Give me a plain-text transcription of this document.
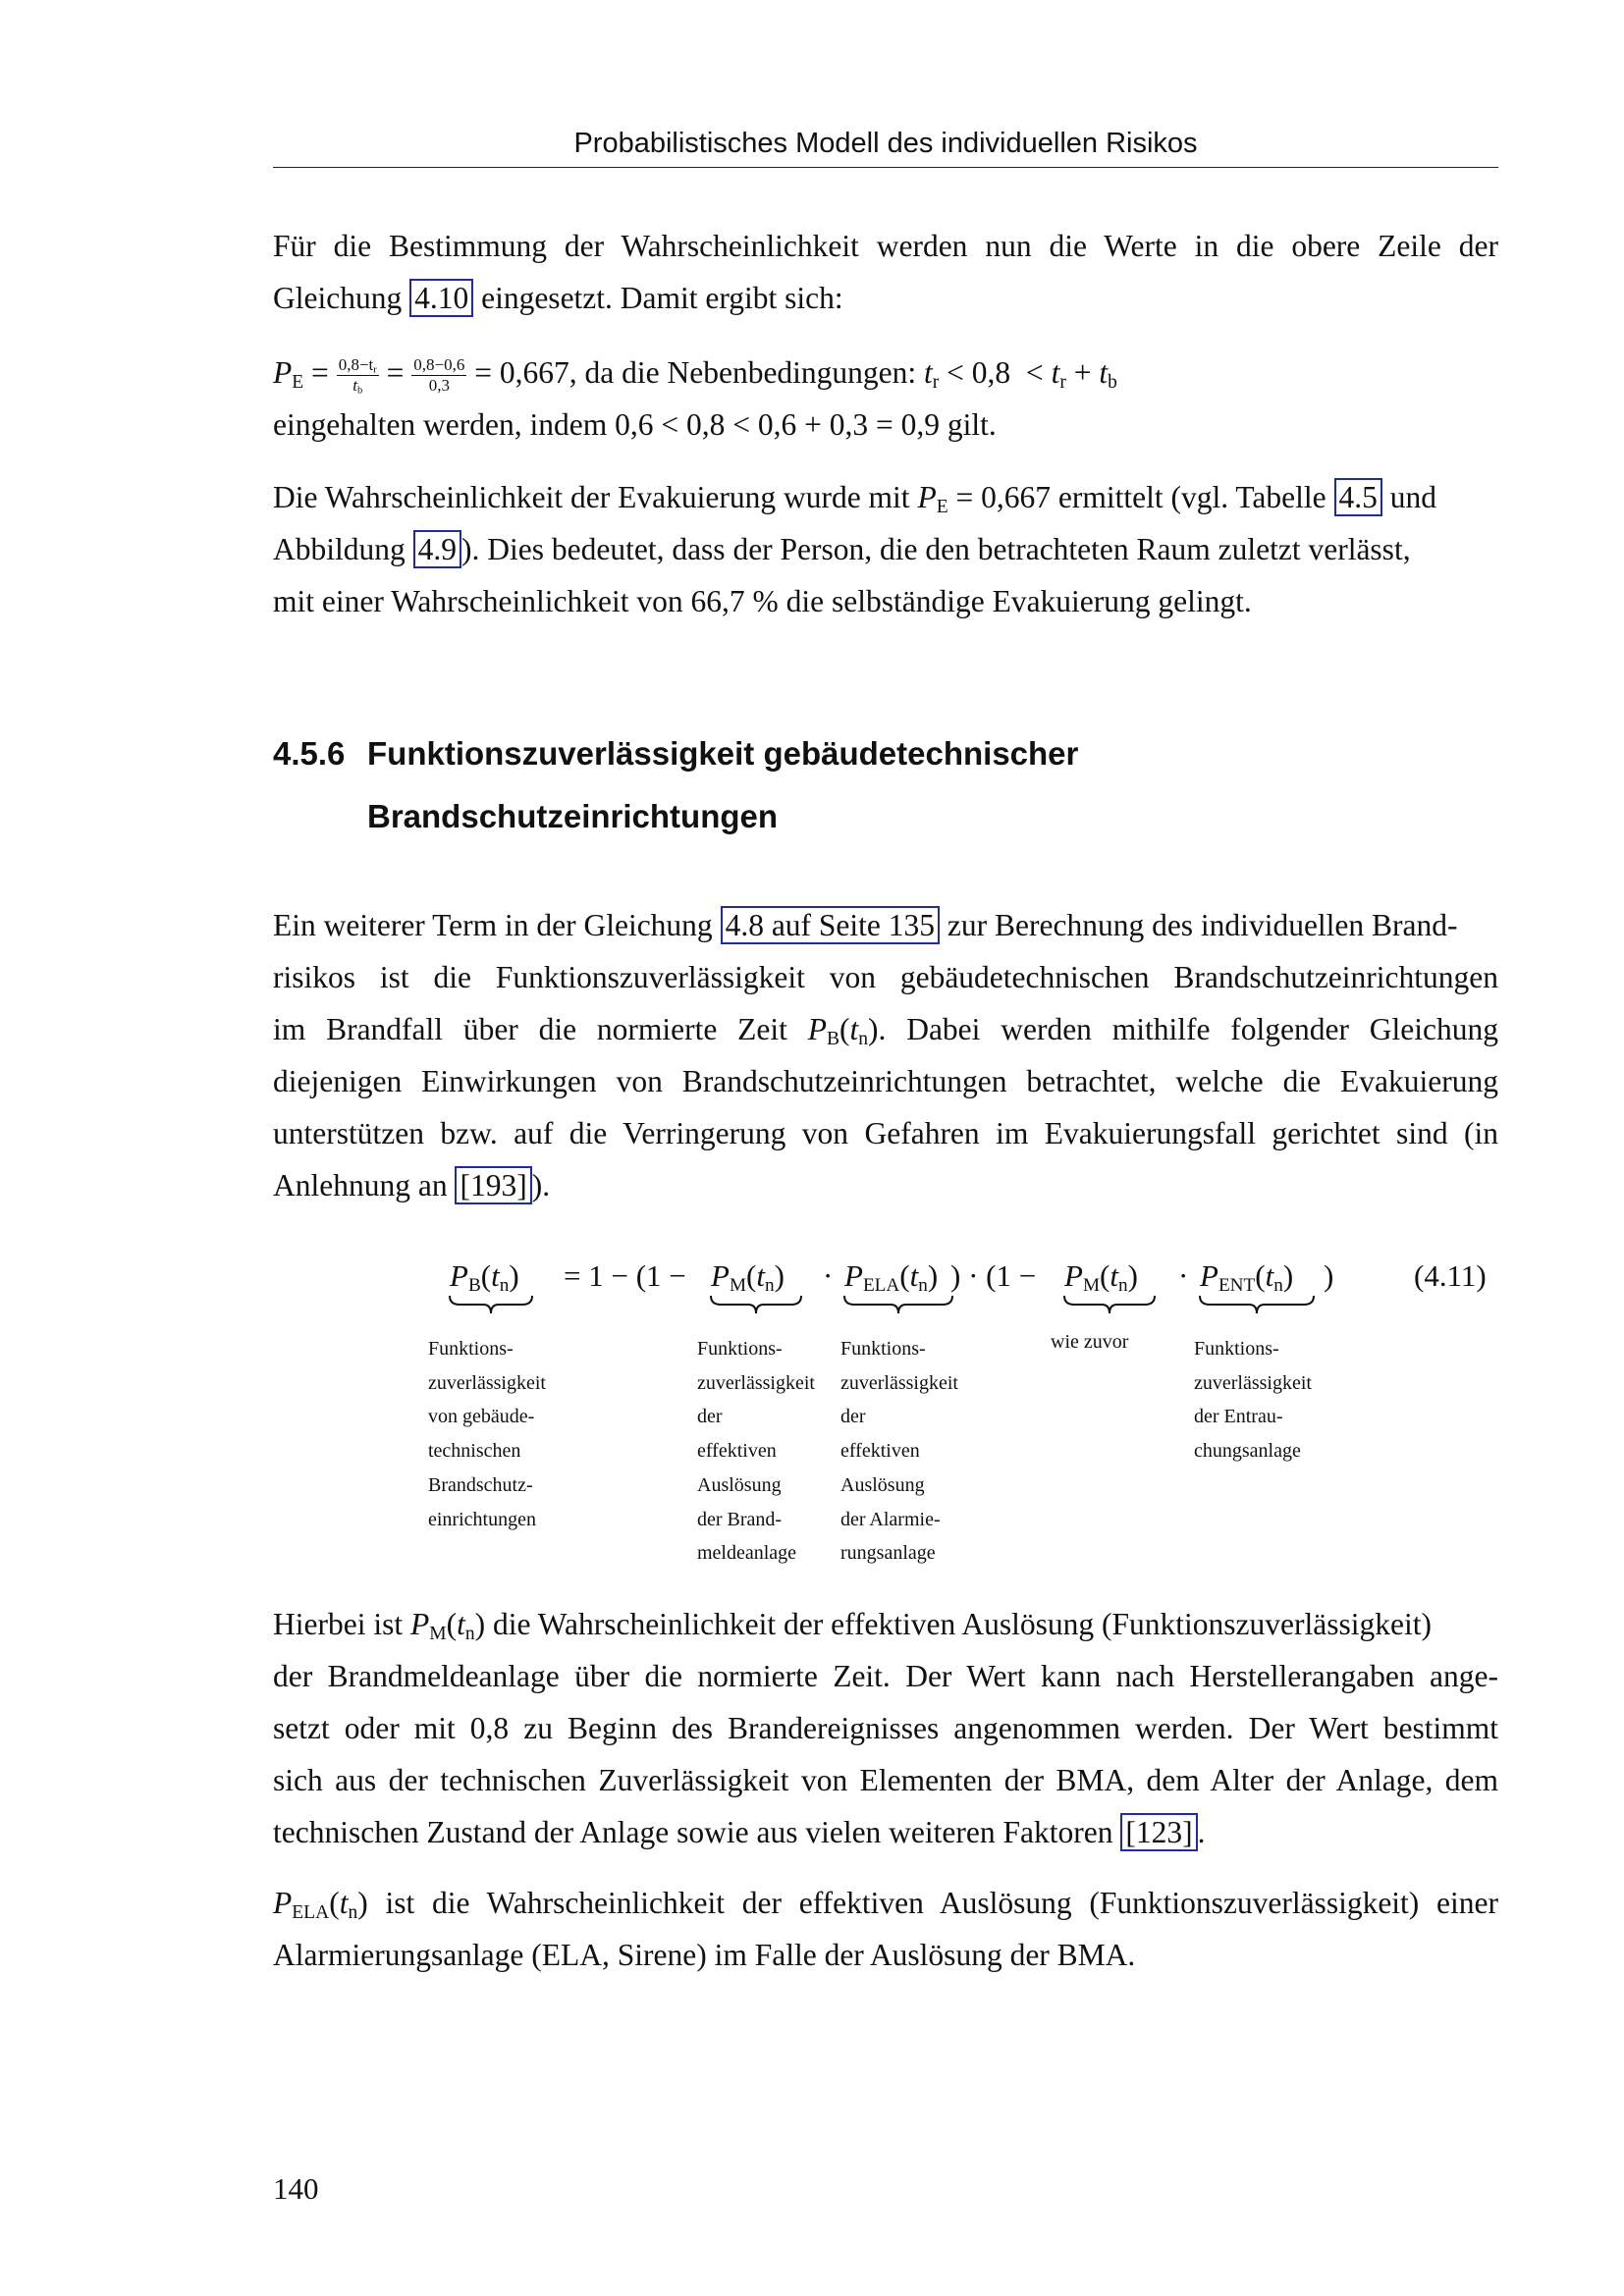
Probabilistisches Modell des individuellen Risikos
Für die Bestimmung der Wahrscheinlichkeit werden nun die Werte in die obere Zeile der
Gleichung 4.10 eingesetzt. Damit ergibt sich:
$P_E = \frac{0,8-t_r}{t_b} = \frac{0,8-0,6}{0,3} = 0,667$, da die Nebenbedingungen: $t_r < 0,8 < t_r + t_b$
eingehalten werden, indem 0,6 < 0,8 < 0,6 + 0,3 = 0,9 gilt.
Die Wahrscheinlichkeit der Evakuierung wurde mit $P_E = 0,667$ ermittelt (vgl. Tabelle 4.5 und
Abbildung 4.9 ). Dies bedeutet, dass der Person, die den betrachteten Raum zuletzt verlässt,
mit einer Wahrscheinlichkeit von 66,7 % die selbständige Evakuierung gelingt.
4.5.6 Funktionszuverlässigkeit gebäudetechnischer
Brandschutzeinrichtungen
Ein weiterer Term in der Gleichung 4.8 auf Seite 135 zur Berechnung des individuellen Brand-
risikos ist die Funktionszuverlässigkeit von gebäudetechnischen Brandschutzeinrichtungen
im Brandfall über die normierte Zeit $P_B(t_n)$. Dabei werden mithilfe folgender Gleichung
diejenigen Einwirkungen von Brandschutzeinrichtungen betrachtet, welche die Evakuierung
unterstützen bzw. auf die Verringerung von Gefahren im Evakuierungsfall gerichtet sind (in
Anlehnung an [193] ).
$P_B(t_n) = 1 - (1 - P_M(t_n) \cdot P_{ELA}(t_n)$ ) · ($1 - P_M(t_n) \cdot P_{ENT}(t_n)$ )	(4.11)
Funktions-
zuverlässigkeit
von gebäude-
technischen
Brandschutz-
einrichtungen
Funktions-
zuverlässigkeit
der
effektiven
Auslösung
der Brand-
meldeanlage
Funktions-
zuverlässigkeit
der
effektiven
Auslösung
der Alarmie-
rungsanlage
wie zuvor	Funktions-
zuverlässigkeit
der Entrau-
chungsanlage
Hierbei ist $P_M(t_n)$ die Wahrscheinlichkeit der effektiven Auslösung (Funktionszuverlässigkeit)
der Brandmeldeanlage über die normierte Zeit. Der Wert kann nach Herstellerangaben ange-
setzt oder mit 0,8 zu Beginn des Brandereignisses angenommen werden. Der Wert bestimmt
sich aus der technischen Zuverlässigkeit von Elementen der BMA, dem Alter der Anlage, dem
technischen Zustand der Anlage sowie aus vielen weiteren Faktoren [123] .
$P_{ELA}(t_n)$ ist die Wahrscheinlichkeit der effektiven Auslösung (Funktionszuverlässigkeit) einer
Alarmierungsanlage (ELA, Sirene) im Falle der Auslösung der BMA.
140
